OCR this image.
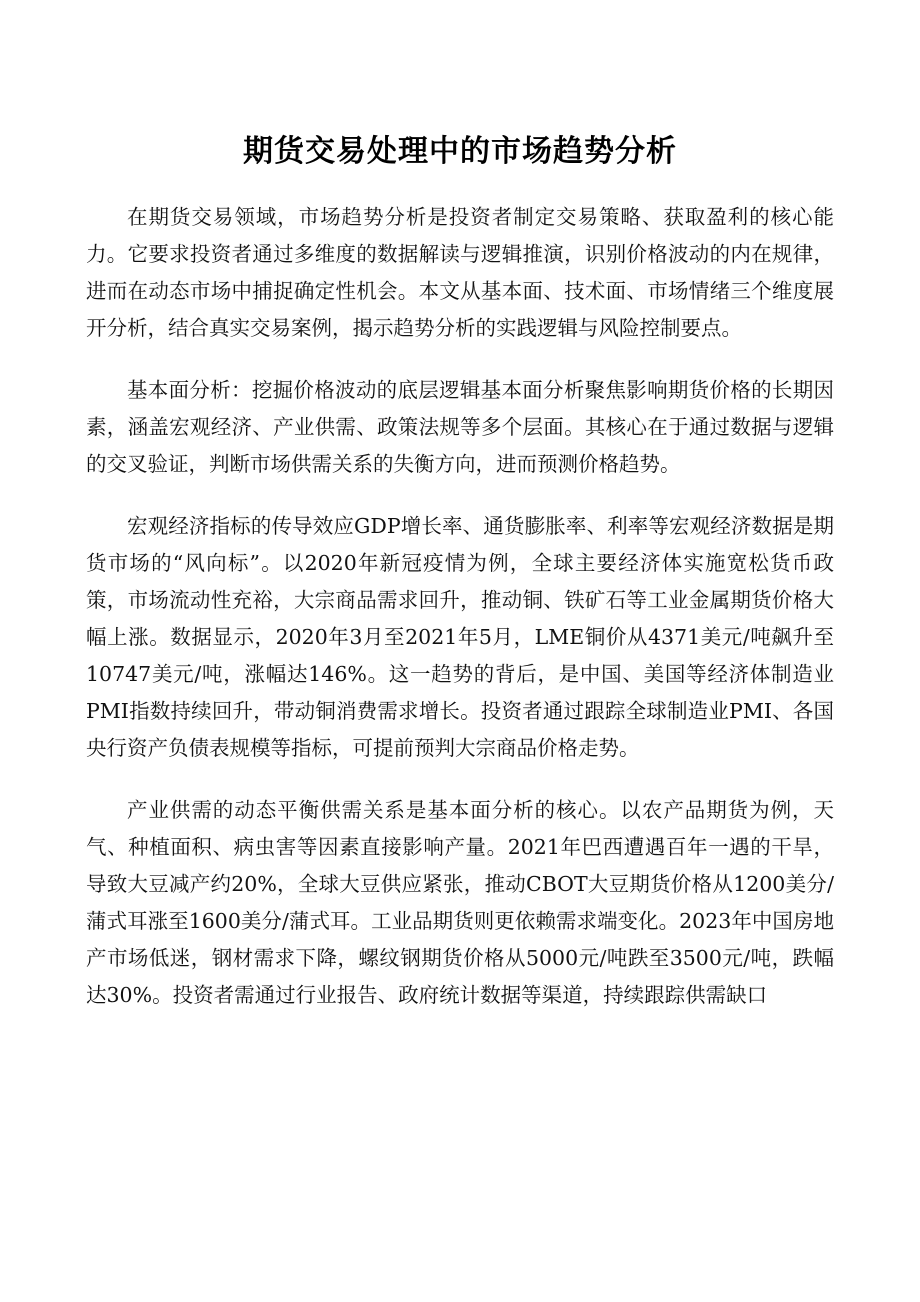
期货交易处理中的市场趋势分析

在期货交易领域，市场趋势分析是投资者制定交易策略、获取盈利的核心能力。它要求投资者通过多维度的数据解读与逻辑推演，识别价格波动的内在规律，进而在动态市场中捕捉确定性机会。本文从基本面、技术面、市场情绪三个维度展开分析，结合真实交易案例，揭示趋势分析的实践逻辑与风险控制要点。

基本面分析：挖掘价格波动的底层逻辑基本面分析聚焦影响期货价格的长期因素，涵盖宏观经济、产业供需、政策法规等多个层面。其核心在于通过数据与逻辑的交叉验证，判断市场供需关系的失衡方向，进而预测价格趋势。

宏观经济指标的传导效应GDP增长率、通货膨胀率、利率等宏观经济数据是期货市场的“风向标”。以2020年新冠疫情为例，全球主要经济体实施宽松货币政策，市场流动性充裕，大宗商品需求回升，推动铜、铁矿石等工业金属期货价格大幅上涨。数据显示，2020年3月至2021年5月，LME铜价从4371美元/吨飙升至10747美元/吨，涨幅达146%。这一趋势的背后，是中国、美国等经济体制造业PMI指数持续回升，带动铜消费需求增长。投资者通过跟踪全球制造业PMI、各国央行资产负债表规模等指标，可提前预判大宗商品价格走势。

产业供需的动态平衡供需关系是基本面分析的核心。以农产品期货为例，天气、种植面积、病虫害等因素直接影响产量。2021年巴西遭遇百年一遇的干旱，导致大豆减产约20%，全球大豆供应紧张，推动CBOT大豆期货价格从1200美分/蒲式耳涨至1600美分/蒲式耳。工业品期货则更依赖需求端变化。2023年中国房地产市场低迷，钢材需求下降，螺纹钢期货价格从5000元/吨跌至3500元/吨，跌幅达30%。投资者需通过行业报告、政府统计数据等渠道，持续跟踪供需缺口
